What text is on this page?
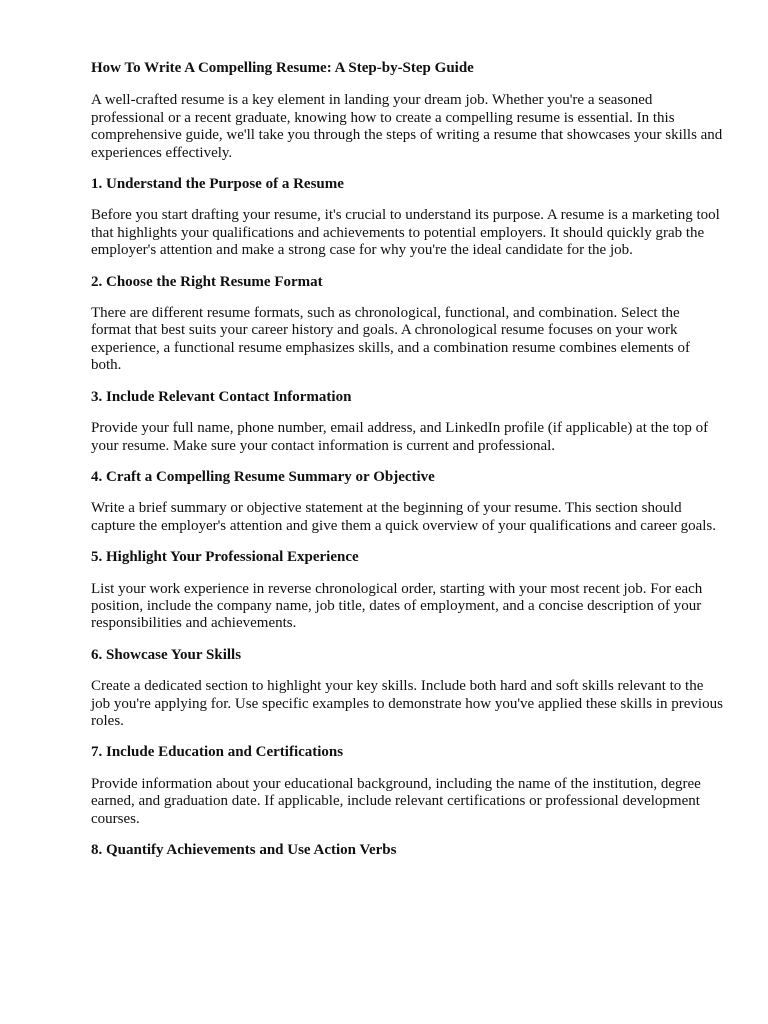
How To Write A Compelling Resume: A Step-by-Step Guide

A well-crafted resume is a key element in landing your dream job. Whether you're a seasoned professional or a recent graduate, knowing how to create a compelling resume is essential. In this comprehensive guide, we'll take you through the steps of writing a resume that showcases your skills and experiences effectively.

1. Understand the Purpose of a Resume

Before you start drafting your resume, it's crucial to understand its purpose. A resume is a marketing tool that highlights your qualifications and achievements to potential employers. It should quickly grab the employer's attention and make a strong case for why you're the ideal candidate for the job.

2. Choose the Right Resume Format

There are different resume formats, such as chronological, functional, and combination. Select the format that best suits your career history and goals. A chronological resume focuses on your work experience, a functional resume emphasizes skills, and a combination resume combines elements of both.

3. Include Relevant Contact Information

Provide your full name, phone number, email address, and LinkedIn profile (if applicable) at the top of your resume. Make sure your contact information is current and professional.

4. Craft a Compelling Resume Summary or Objective

Write a brief summary or objective statement at the beginning of your resume. This section should capture the employer's attention and give them a quick overview of your qualifications and career goals.

5. Highlight Your Professional Experience

List your work experience in reverse chronological order, starting with your most recent job. For each position, include the company name, job title, dates of employment, and a concise description of your responsibilities and achievements.

6. Showcase Your Skills

Create a dedicated section to highlight your key skills. Include both hard and soft skills relevant to the job you're applying for. Use specific examples to demonstrate how you've applied these skills in previous roles.

7. Include Education and Certifications

Provide information about your educational background, including the name of the institution, degree earned, and graduation date. If applicable, include relevant certifications or professional development courses.

8. Quantify Achievements and Use Action Verbs
